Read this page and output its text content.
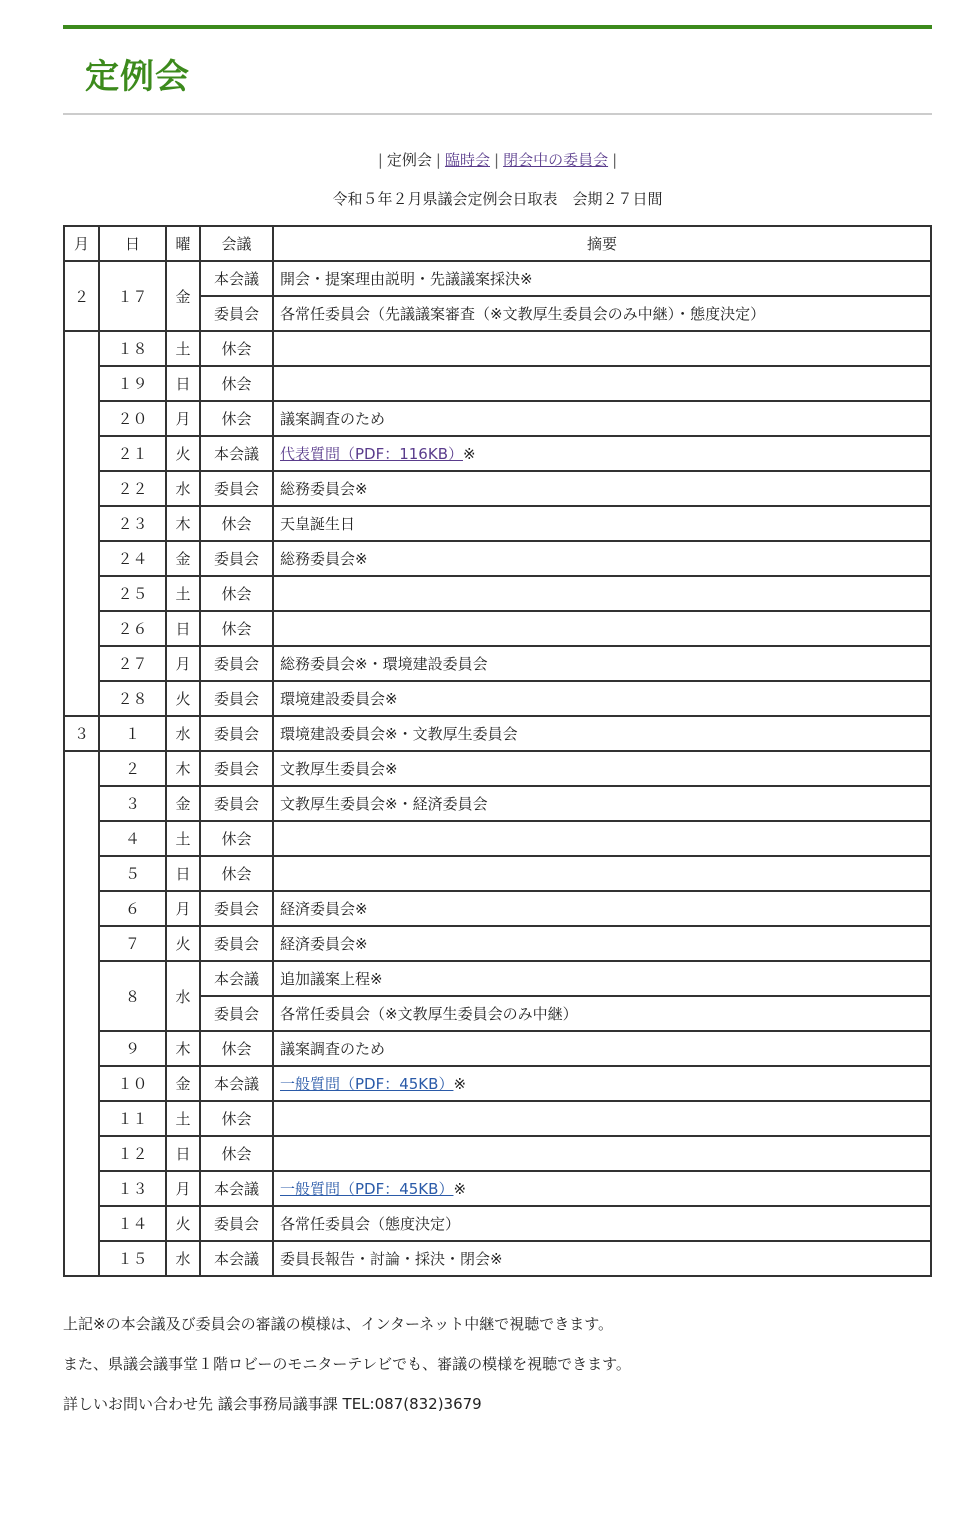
定例会
| 定例会 | 臨時会 | 閉会中の委員会 |
令和５年２月県議会定例会日取表　会期２７日間
月	日	曜	会議	摘要
２	１７	金	本会議	開会・提案理由説明・先議議案採決※
			委員会	各常任委員会（先議議案審査（※文教厚生委員会のみ中継）・態度決定）
	１８	土	休会	
	１９	日	休会	
	２０	月	休会	議案調査のため
	２１	火	本会議	代表質問（PDF：116KB）※
	２２	水	委員会	総務委員会※
	２３	木	休会	天皇誕生日
	２４	金	委員会	総務委員会※
	２５	土	休会	
	２６	日	休会	
	２７	月	委員会	総務委員会※・環境建設委員会
	２８	火	委員会	環境建設委員会※
３	１	水	委員会	環境建設委員会※・文教厚生委員会
	２	木	委員会	文教厚生委員会※
	３	金	委員会	文教厚生委員会※・経済委員会
	４	土	休会	
	５	日	休会	
	６	月	委員会	経済委員会※
	７	火	委員会	経済委員会※
	８	水	本会議	追加議案上程※
			委員会	各常任委員会（※文教厚生委員会のみ中継）
	９	木	休会	議案調査のため
	１０	金	本会議	一般質問（PDF：45KB）※
	１１	土	休会	
	１２	日	休会	
	１３	月	本会議	一般質問（PDF：45KB）※
	１４	火	委員会	各常任委員会（態度決定）
	１５	水	本会議	委員長報告・討論・採決・閉会※

上記※の本会議及び委員会の審議の模様は、インターネット中継で視聴できます。

また、県議会議事堂１階ロビーのモニターテレビでも、審議の模様を視聴できます。

詳しいお問い合わせ先 議会事務局議事課 TEL:087(832)3679
